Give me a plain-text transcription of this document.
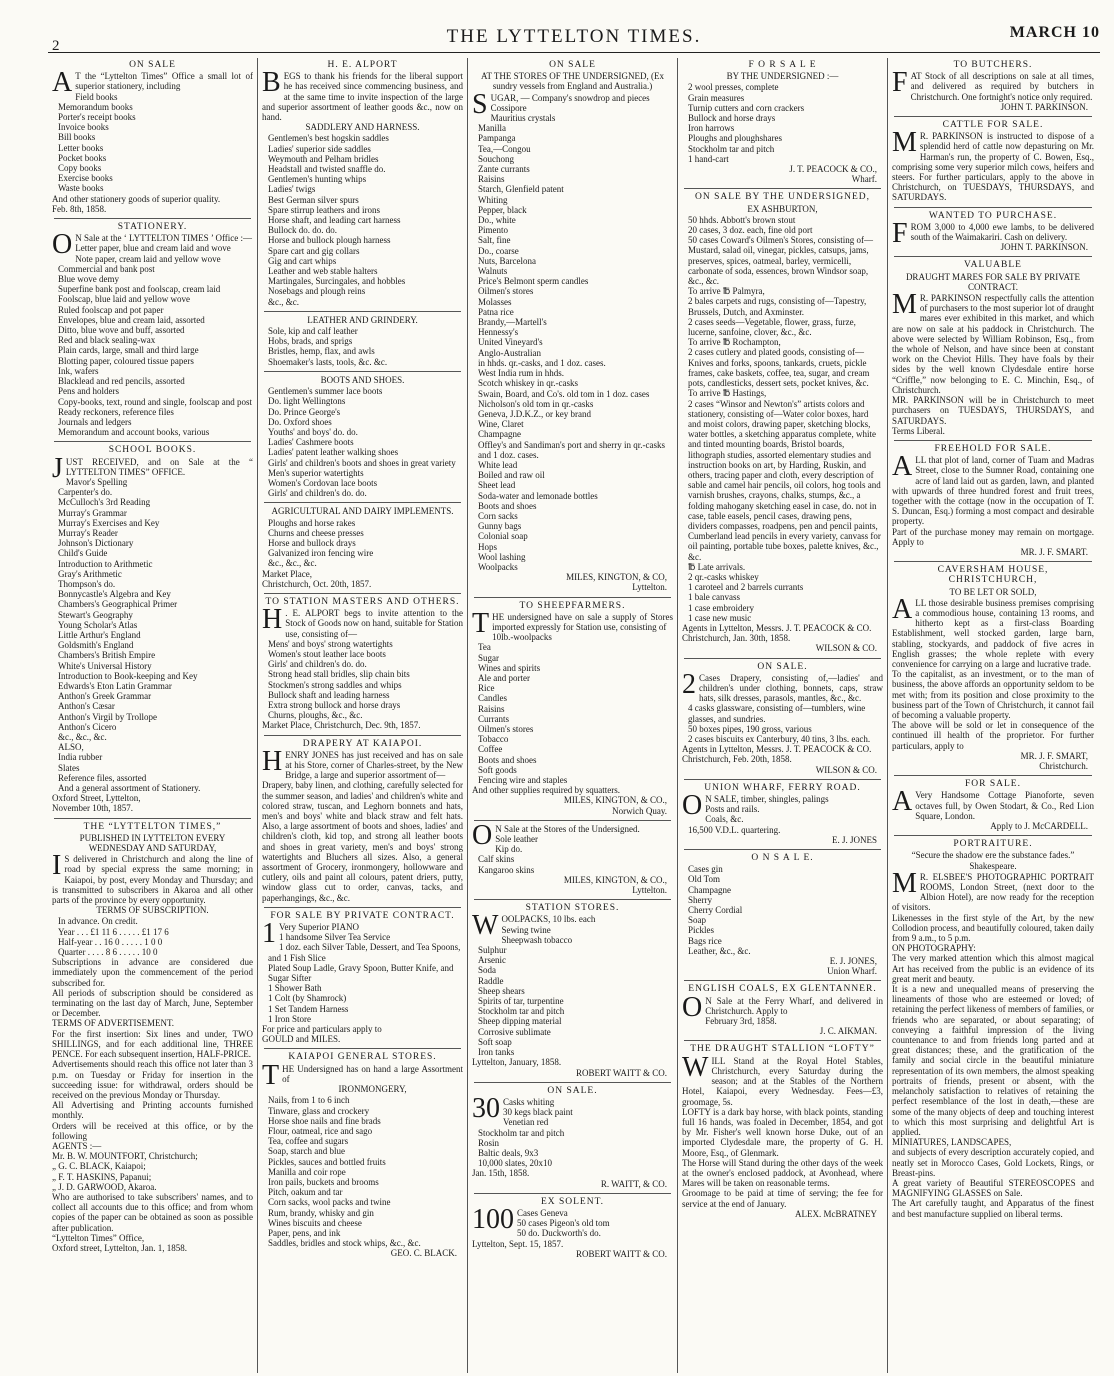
2	THE LYTTELTON TIMES.	MARCH 10
ON SALE
A T the “Lyttelton Times” Office a small lot of superior stationery, including
Field books
Memorandum books
Porter's receipt books
Invoice books
Bill books
Letter books
Pocket books
Copy books
Exercise books
Waste books
And other stationery goods of superior quality.
Feb. 8th, 1858.
STATIONERY.
O N Sale at the ‘ LYTTELTON TIMES ’ Office :—
Letter paper, blue and cream laid and wove
Note paper, cream laid and yellow wove
Commercial and bank post
Blue wove demy
Superfine bank post and foolscap, cream laid
Foolscap, blue laid and yellow wove
Ruled foolscap and pot paper
Envelopes, blue and cream laid, assorted
Ditto, blue wove and buff, assorted
Red and black sealing-wax
Plain cards, large, small and third large
Blotting paper, coloured tissue papers
Ink, wafers
Blacklead and red pencils, assorted
Pens and holders
Copy-books, text, round and single, foolscap and post
Ready reckoners, reference files
Journals and ledgers
Memorandum and account books, various
SCHOOL BOOKS.
JUST RECEIVED, and on Sale at the “ LYTTELTON TIMES” OFFICE.
Mavor's Spelling
Carpenter's do.
McCulloch's 3rd Reading
Murray's Grammar
Murray's Exercises and Key
Murray's Reader
Johnson's Dictionary
Child's Guide
Introduction to Arithmetic
Gray's Arithmetic
Thompson's do.
Bonnycastle's Algebra and Key
Chambers's Geographical Primer
Stewart's Geography
Young Scholar's Atlas
Little Arthur's England
Goldsmith's England
Chambers's British Empire
White's Universal History
Introduction to Book-keeping and Key
Edwards's Eton Latin Grammar
Anthon's Greek Grammar
Anthon's Cæsar
Anthon's Virgil by Trollope
Anthon's Cicero
&c., &c., &c.
ALSO,
India rubber
Slates
Reference files, assorted
And a general assortment of Stationery.
Oxford Street, Lyttelton,
November 10th, 1857.
THE “LYTTELTON TIMES,”
PUBLISHED IN LYTTELTON EVERY WEDNESDAY AND SATURDAY,
I S delivered in Christchurch and along the line of road by special express the same morning; in Kaiapoi, by post, every Monday and Thursday; and is transmitted to subscribers in Akaroa and all other parts of the province by every opportunity.
TERMS OF SUBSCRIPTION.
In advance. On credit.
Year . . . £1 11 6 . . . . . £1 17 6
Half-year . . 16 0 . . . . . 1 0 0
Quarter . . . . 8 6 . . . . . 10 0
Subscriptions in advance are considered due immediately upon the commencement of the period subscribed for.
All periods of subscription should be considered as terminating on the last day of March, June, September or December.
TERMS OF ADVERTISEMENT.
For the first insertion: Six lines and under, TWO SHILLINGS, and for each additional line, THREE PENCE. For each subsequent insertion, HALF-PRICE.
Advertisements should reach this office not later than 3 p.m. on Tuesday or Friday for insertion in the succeeding issue: for withdrawal, orders should be received on the previous Monday or Thursday.
All Advertising and Printing accounts furnished monthly.
Orders will be received at this office, or by the following
AGENTS :—
Mr. B. W. MOUNTFORT, Christchurch;
„ G. C. BLACK, Kaiapoi;
„ F. T. HASKINS, Papanui;
„ J. D. GARWOOD, Akaroa.
Who are authorised to take subscribers' names, and to collect all accounts due to this office; and from whom copies of the paper can be obtained as soon as possible after publication.
“Lyttelton Times” Office,
Oxford street, Lyttelton, Jan. 1, 1858.
H. E. ALPORT
BEGS to thank his friends for the liberal support he has received since commencing business, and at the same time to invite inspection of the large and superior assortment of leather goods &c., now on hand.
SADDLERY AND HARNESS.
Gentlemen's best hogskin saddles
Ladies' superior side saddles
Weymouth and Pelham bridles
Headstall and twisted snaffle do.
Gentlemen's hunting whips
Ladies' twigs
Best German silver spurs
Spare stirrup leathers and irons
Horse shaft, and leading cart harness
Bullock do. do. do.
Horse and bullock plough harness
Spare cart and gig collars
Gig and cart whips
Leather and web stable halters
Martingales, Surcingales, and hobbles
Nosebags and plough reins
&c., &c.
LEATHER AND GRINDERY.
Sole, kip and calf leather
Hobs, brads, and sprigs
Bristles, hemp, flax, and awls
Shoemaker's lasts, tools, &c. &c.
BOOTS AND SHOES.
Gentlemen's summer lace boots
Do. light Wellingtons
Do. Prince George's
Do. Oxford shoes
Youths' and boys' do. do.
Ladies' Cashmere boots
Ladies' patent leather walking shoes
Girls' and children's boots and shoes in great variety
Men's superior watertights
Women's Cordovan lace boots
Girls' and children's do. do.
AGRICULTURAL AND DAIRY IMPLEMENTS.
Ploughs and horse rakes
Churns and cheese presses
Horse and bullock drays
Galvanized iron fencing wire
&c., &c., &c.
Market Place,
Christchurch, Oct. 20th, 1857.
TO STATION MASTERS AND OTHERS.
H . E. ALPORT begs to invite attention to the Stock of Goods now on hand, suitable for Station use, consisting of—
Mens' and boys' strong watertights
Women's stout leather lace boots
Girls' and children's do. do.
Strong head stall bridles, slip chain bits
Stockmen's strong saddles and whips
Bullock shaft and leading harness
Extra strong bullock and horse drays
Churns, ploughs, &c., &c.
Market Place, Christchurch, Dec. 9th, 1857.
DRAPERY AT KAIAPOI.
HENRY JONES has just received and has on sale at his Store, corner of Charles-street, by the New Bridge, a large and superior assortment of—
Drapery, baby linen, and clothing, carefully selected for the summer season, and ladies' and children's white and colored straw, tuscan, and Leghorn bonnets and hats, men's and boys' white and black straw and felt hats. Also, a large assortment of boots and shoes, ladies' and children's cloth, kid top, and strong all leather boots and shoes in great variety, men's and boys' strong watertights and Bluchers all sizes. Also, a general assortment of Grocery, ironmongery, hollowware and cutlery, oils and paint all colours, patent driers, putty, window glass cut to order, canvas, tacks, and paperhangings, &c., &c.
FOR SALE BY PRIVATE CONTRACT.
1 Very Superior PIANO
1 handsome Silver Tea Service
1 doz. each Silver Table, Dessert, and Tea Spoons, and 1 Fish Slice
Plated Soup Ladle, Gravy Spoon, Butter Knife, and Sugar Sifter
1 Shower Bath
1 Colt (by Shamrock)
1 Set Tandem Harness
1 Iron Store
For price and particulars apply to
GOULD and MILES.
KAIAPOI GENERAL STORES.
THE Undersigned has on hand a large Assortment of
IRONMONGERY,
Nails, from 1 to 6 inch
Tinware, glass and crockery
Horse shoe nails and fine brads
Flour, oatmeal, rice and sago
Tea, coffee and sugars
Soap, starch and blue
Pickles, sauces and bottled fruits
Manilla and coir rope
Iron pails, buckets and brooms
Pitch, oakum and tar
Corn sacks, wool packs and twine
Rum, brandy, whisky and gin
Wines biscuits and cheese
Paper, pens, and ink
Saddles, bridles and stock whips, &c., &c.
GEO. C. BLACK.
ON SALE
AT THE STORES OF THE UNDERSIGNED, (Ex sundry vessels from England and Australia.)
SUGAR, — Company's snowdrop and pieces
Cossipore
Mauritius crystals
Manilla
Pampanga
Tea,—Congou
Souchong
Zante currants
Raisins
Starch, Glenfield patent
Whiting
Pepper, black
Do., white
Pimento
Salt, fine
Do., coarse
Nuts, Barcelona
Walnuts
Price's Belmont sperm candles
Oilmen's stores
Molasses
Patna rice
Brandy,—Martell's
Hennessy's
United Vineyard's
Anglo-Australian
in hhds. qr.-casks, and 1 doz. cases.
West India rum in hhds.
Scotch whiskey in qr.-casks
Swain, Board, and Co's. old tom in 1 doz. cases
Nicholson's old tom in qr.-casks
Geneva, J.D.K.Z., or key brand
Wine, Claret
Champagne
Offley's and Sandiman's port and sherry in qr.-casks and 1 doz. cases.
White lead
Boiled and raw oil
Sheet lead
Soda-water and lemonade bottles
Boots and shoes
Corn sacks
Gunny bags
Colonial soap
Hops
Wool lashing
Woolpacks
MILES, KINGTON, & CO,
Lyttelton.
TO SHEEPFARMERS.
THE undersigned have on sale a supply of Stores imported expressly for Station use, consisting of
10lb.-woolpacks
Tea
Sugar
Wines and spirits
Ale and porter
Rice
Candles
Raisins
Currants
Oilmen's stores
Tobacco
Coffee
Boots and shoes
Soft goods
Fencing wire and staples
And other supplies required by squatters.
MILES, KINGTON, & CO.,
Norwich Quay.
O N Sale at the Stores of the Undersigned.
Sole leather
Kip do.
Calf skins
Kangaroo skins
MILES, KINGTON, & CO.,
Lyttelton.
STATION STORES.
WOOLPACKS, 10 lbs. each
Sewing twine
Sheepwash tobacco
Sulphur
Arsenic
Soda
Raddle
Sheep shears
Spirits of tar, turpentine
Stockholm tar and pitch
Sheep dipping material
Corrosive sublimate
Soft soap
Iron tanks
Lyttelton, January, 1858.
ROBERT WAITT & CO.
ON SALE.
30 Casks whiting
30 kegs black paint
Venetian red
Stockholm tar and pitch
Rosin
Baltic deals, 9x3
10,000 slates, 20x10
Jan. 15th, 1858.
R. WAITT, & CO.
EX SOLENT.
100 Cases Geneva
50 cases Pigeon's old tom
50 do. Duckworth's do.
Lyttelton, Sept. 15, 1857.
ROBERT WAITT & CO.
F O R S A L E
BY THE UNDERSIGNED :—
2 wool presses, complete
Grain measures
Turnip cutters and corn crackers
Bullock and horse drays
Iron harrows
Ploughs and ploughshares
Stockholm tar and pitch
1 hand-cart
J. T. PEACOCK & CO.,
Wharf.
ON SALE BY THE UNDERSIGNED,
EX ASHBURTON,
50 hhds. Abbott's brown stout
20 cases, 3 doz. each, fine old port
50 cases Coward's Oilmen's Stores, consisting of—Mustard, salad oil, vinegar, pickles, catsups, jams, preserves, spices, oatmeal, barley, vermicelli, carbonate of soda, essences, brown Windsor soap, &c., &c.
To arrive ℔ Palmyra,
2 bales carpets and rugs, consisting of—Tapestry, Brussels, Dutch, and Axminster.
2 cases seeds—Vegetable, flower, grass, furze, lucerne, sanfoine, clover, &c., &c.
To arrive ℔ Rochampton,
2 cases cutlery and plated goods, consisting of—Knives and forks, spoons, tankards, cruets, pickle frames, cake baskets, coffee, tea, sugar, and cream pots, candlesticks, dessert sets, pocket knives, &c.
To arrive ℔ Hastings,
2 cases “Winsor and Newton's” artists colors and stationery, consisting of—Water color boxes, hard and moist colors, drawing paper, sketching blocks, water bottles, a sketching apparatus complete, white and tinted mounting boards, Bristol boards, lithograph studies, assorted elementary studies and instruction books on art, by Harding, Ruskin, and others, tracing paper and cloth, every description of sable and camel hair pencils, oil colors, hog tools and varnish brushes, crayons, chalks, stumps, &c., a folding mahogany sketching easel in case, do. not in case, table easels, pencil cases, drawing pens, dividers compasses, roadpens, pen and pencil paints, Cumberland lead pencils in every variety, canvass for oil painting, portable tube boxes, palette knives, &c., &c.
℔ Late arrivals.
2 qr.-casks whiskey
1 caroteel and 2 barrels currants
1 bale canvass
1 case embroidery
1 case new music
Agents in Lyttelton, Messrs. J. T. PEACOCK & CO.
Christchurch, Jan. 30th, 1858.
WILSON & CO.
ON SALE.
2 Cases Drapery, consisting of,—ladies' and children's under clothing, bonnets, caps, straw hats, silk dresses, parasols, mantles, &c., &c.
4 casks glassware, consisting of—tumblers, wine glasses, and sundries.
50 boxes pipes, 190 gross, various
2 cases biscuits ex Canterbury, 40 tins, 3 lbs. each.
Agents in Lyttelton, Messrs. J. T. PEACOCK & CO.
Christchurch, Feb. 20th, 1858.
WILSON & CO.
UNION WHARF, FERRY ROAD.
O N SALE, timber, shingles, palings
Posts and rails.
Coals, &c.
16,500 V.D.L. quartering.
E. J. JONES
O N S A L E.
Cases gin
Old Tom
Champagne
Sherry
Cherry Cordial
Soap
Pickles
Bags rice
Leather, &c., &c.
E. J. JONES,
Union Wharf.
ENGLISH COALS, EX GLENTANNER.
O N Sale at the Ferry Wharf, and delivered in Christchurch. Apply to
February 3rd, 1858.
J. C. AIKMAN.
THE DRAUGHT STALLION “LOFTY”
WILL Stand at the Royal Hotel Stables, Christchurch, every Saturday during the season; and at the Stables of the Northern Hotel, Kaiapoi, every Wednesday. Fees—£3, groomage, 5s.
LOFTY is a dark bay horse, with black points, standing full 16 hands, was foaled in December, 1854, and got by Mr. Fisher's well known horse Duke, out of an imported Clydesdale mare, the property of G. H. Moore, Esq., of Glenmark.
The Horse will Stand during the other days of the week at the owner's enclosed paddock, at Avonhead, where Mares will be taken on reasonable terms.
Groomage to be paid at time of serving; the fee for service at the end of January.
ALEX. McBRATNEY
TO BUTCHERS.
FAT Stock of all descriptions on sale at all times, and delivered as required by butchers in Christchurch. One fortnight's notice only required.
JOHN T. PARKINSON.
CATTLE FOR SALE.
M R. PARKINSON is instructed to dispose of a splendid herd of cattle now depasturing on Mr. Harman's run, the property of C. Bowen, Esq., comprising some very superior milch cows, heifers and steers. For further particulars, apply to the above in Christchurch, on TUESDAYS, THURSDAYS, and SATURDAYS.
WANTED TO PURCHASE.
FROM 3,000 to 4,000 ewe lambs, to be delivered south of the Waimakariri. Cash on delivery.
JOHN T. PARKINSON.
VALUABLE
DRAUGHT MARES FOR SALE BY PRIVATE CONTRACT.
M R. PARKINSON respectfully calls the attention of purchasers to the most superior lot of draught mares ever exhibited in this market, and which are now on sale at his paddock in Christchurch. The above were selected by William Robinson, Esq., from the whole of Nelson, and have since been at constant work on the Cheviot Hills. They have foals by their sides by the well known Clydesdale entire horse “Criffle,” now belonging to E. C. Minchin, Esq., of Christchurch.
MR. PARKINSON will be in Christchurch to meet purchasers on TUESDAYS, THURSDAYS, and SATURDAYS.
Terms Liberal.
FREEHOLD FOR SALE.
ALL that plot of land, corner of Tuam and Madras Street, close to the Sumner Road, containing one acre of land laid out as garden, lawn, and planted with upwards of three hundred forest and fruit trees, together with the cottage (now in the occupation of T. S. Duncan, Esq.) forming a most compact and desirable property.
Part of the purchase money may remain on mortgage. Apply to
MR. J. F. SMART.
CAVERSHAM HOUSE, CHRISTCHURCH,
TO BE LET OR SOLD,
ALL those desirable business premises comprising a commodious house, containing 13 rooms, and hitherto kept as a first-class Boarding Establishment, well stocked garden, large barn, stabling, stockyards, and paddock of five acres in English grasses; the whole replete with every convenience for carrying on a large and lucrative trade.
To the capitalist, as an investment, or to the man of business, the above affords an opportunity seldom to be met with; from its position and close proximity to the business part of the Town of Christchurch, it cannot fail of becoming a valuable property.
The above will be sold or let in consequence of the continued ill health of the proprietor. For further particulars, apply to
MR. J. F. SMART,
Christchurch.
FOR SALE.
A Very Handsome Cottage Pianoforte, seven octaves full, by Owen Stodart, & Co., Red Lion Square, London.
Apply to J. McCARDELL.
PORTRAITURE.
“Secure the shadow ere the substance fades.” Shakespeare.
M R. ELSBEE'S PHOTOGRAPHIC PORTRAIT ROOMS, London Street, (next door to the Albion Hotel), are now ready for the reception of visitors.
Likenesses in the first style of the Art, by the new Collodion process, and beautifully coloured, taken daily from 9 a.m., to 5 p.m.
ON PHOTOGRAPHY:
The very marked attention which this almost magical Art has received from the public is an evidence of its great merit and beauty.
It is a new and unequalled means of preserving the lineaments of those who are esteemed or loved; of retaining the perfect likeness of members of families, or friends who are separated, or about separating; of conveying a faithful impression of the living countenance to and from friends long parted and at great distances; these, and the gratification of the family and social circle in the beautiful miniature representation of its own members, the almost speaking portraits of friends, present or absent, with the melancholy satisfaction to relatives of retaining the perfect resemblance of the lost in death,—these are some of the many objects of deep and touching interest to which this most surprising and delightful Art is applied.
MINIATURES, LANDSCAPES,
and subjects of every description accurately copied, and neatly set in Morocco Cases, Gold Lockets, Rings, or Breast-pins.
A great variety of Beautiful STEREOSCOPES and MAGNIFYING GLASSES on Sale.
The Art carefully taught, and Apparatus of the finest and best manufacture supplied on liberal terms.
